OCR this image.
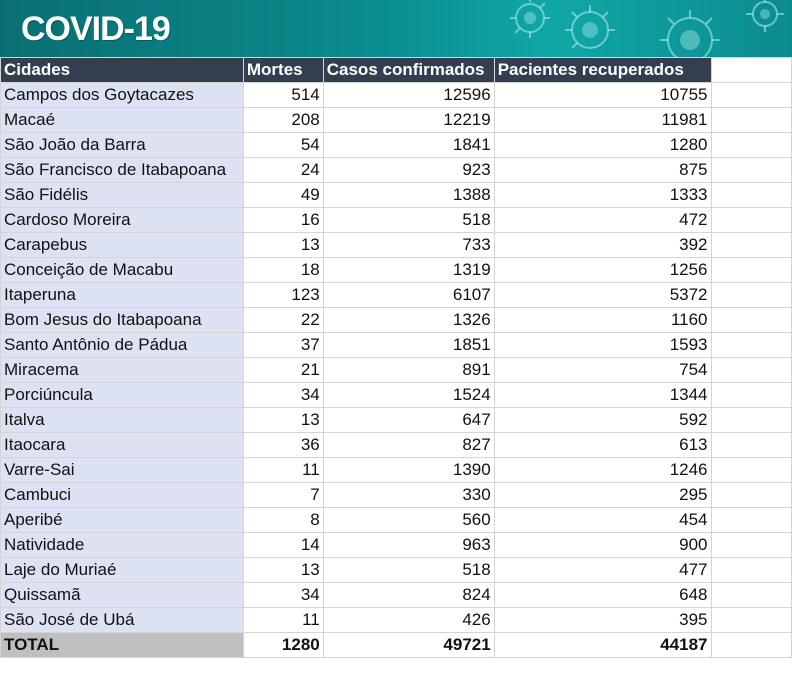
COVID-19
Cidades	Mortes	Casos confirmados	Pacientes recuperados	
Campos dos Goytacazes	514	12596	10755	
Macaé	208	12219	11981	
São João da Barra	54	1841	1280	
São Francisco de Itabapoana	24	923	875	
São Fidélis	49	1388	1333	
Cardoso Moreira	16	518	472	
Carapebus	13	733	392	
Conceição de Macabu	18	1319	1256	
Itaperuna	123	6107	5372	
Bom Jesus do Itabapoana	22	1326	1160	
Santo Antônio de Pádua	37	1851	1593	
Miracema	21	891	754	
Porciúncula	34	1524	1344	
Italva	13	647	592	
Itaocara	36	827	613	
Varre-Sai	11	1390	1246	
Cambuci	7	330	295	
Aperibé	8	560	454	
Natividade	14	963	900	
Laje do Muriaé	13	518	477	
Quissamã	34	824	648	
São José de Ubá	11	426	395	
TOTAL	1280	49721	44187	
